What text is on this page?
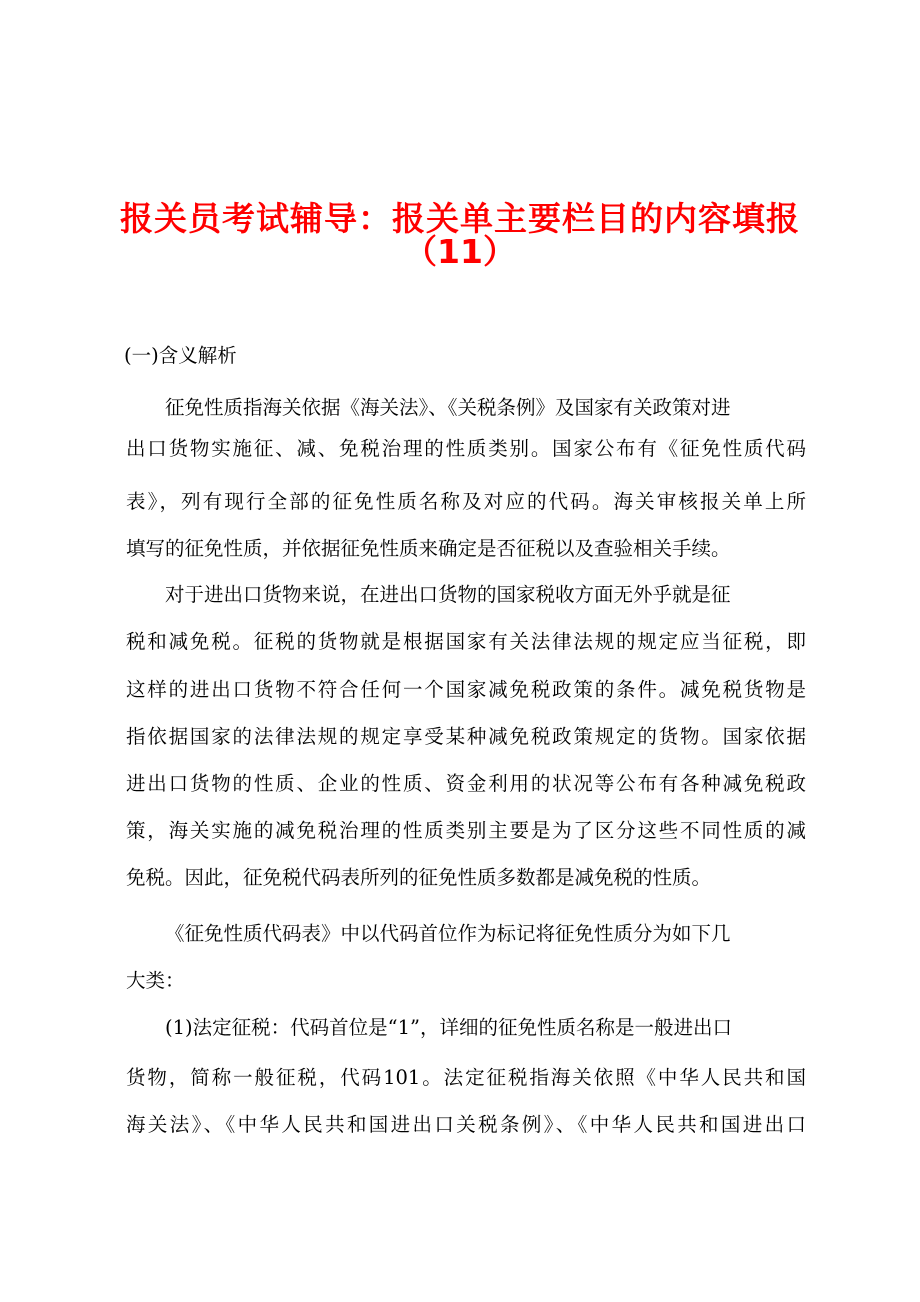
报关员考试辅导：报关单主要栏目的内容填报
（11）

(一)含义解析

征免性质指海关依据《海关法》、《关税条例》及国家有关政策对进

出口货物实施征、减、免税治理的性质类别。国家公布有《征免性质代码

表》，列有现行全部的征免性质名称及对应的代码。海关审核报关单上所

填写的征免性质，并依据征免性质来确定是否征税以及查验相关手续。

对于进出口货物来说，在进出口货物的国家税收方面无外乎就是征

税和减免税。征税的货物就是根据国家有关法律法规的规定应当征税，即

这样的进出口货物不符合任何一个国家减免税政策的条件。减免税货物是

指依据国家的法律法规的规定享受某种减免税政策规定的货物。国家依据

进出口货物的性质、企业的性质、资金利用的状况等公布有各种减免税政

策，海关实施的减免税治理的性质类别主要是为了区分这些不同性质的减

免税。因此，征免税代码表所列的征免性质多数都是减免税的性质。

《征免性质代码表》中以代码首位作为标记将征免性质分为如下几

大类：

(1)法定征税：代码首位是“1”，详细的征免性质名称是一般进出口

货物，简称一般征税，代码101。法定征税指海关依照《中华人民共和国

海关法》、《中华人民共和国进出口关税条例》、《中华人民共和国进出口
